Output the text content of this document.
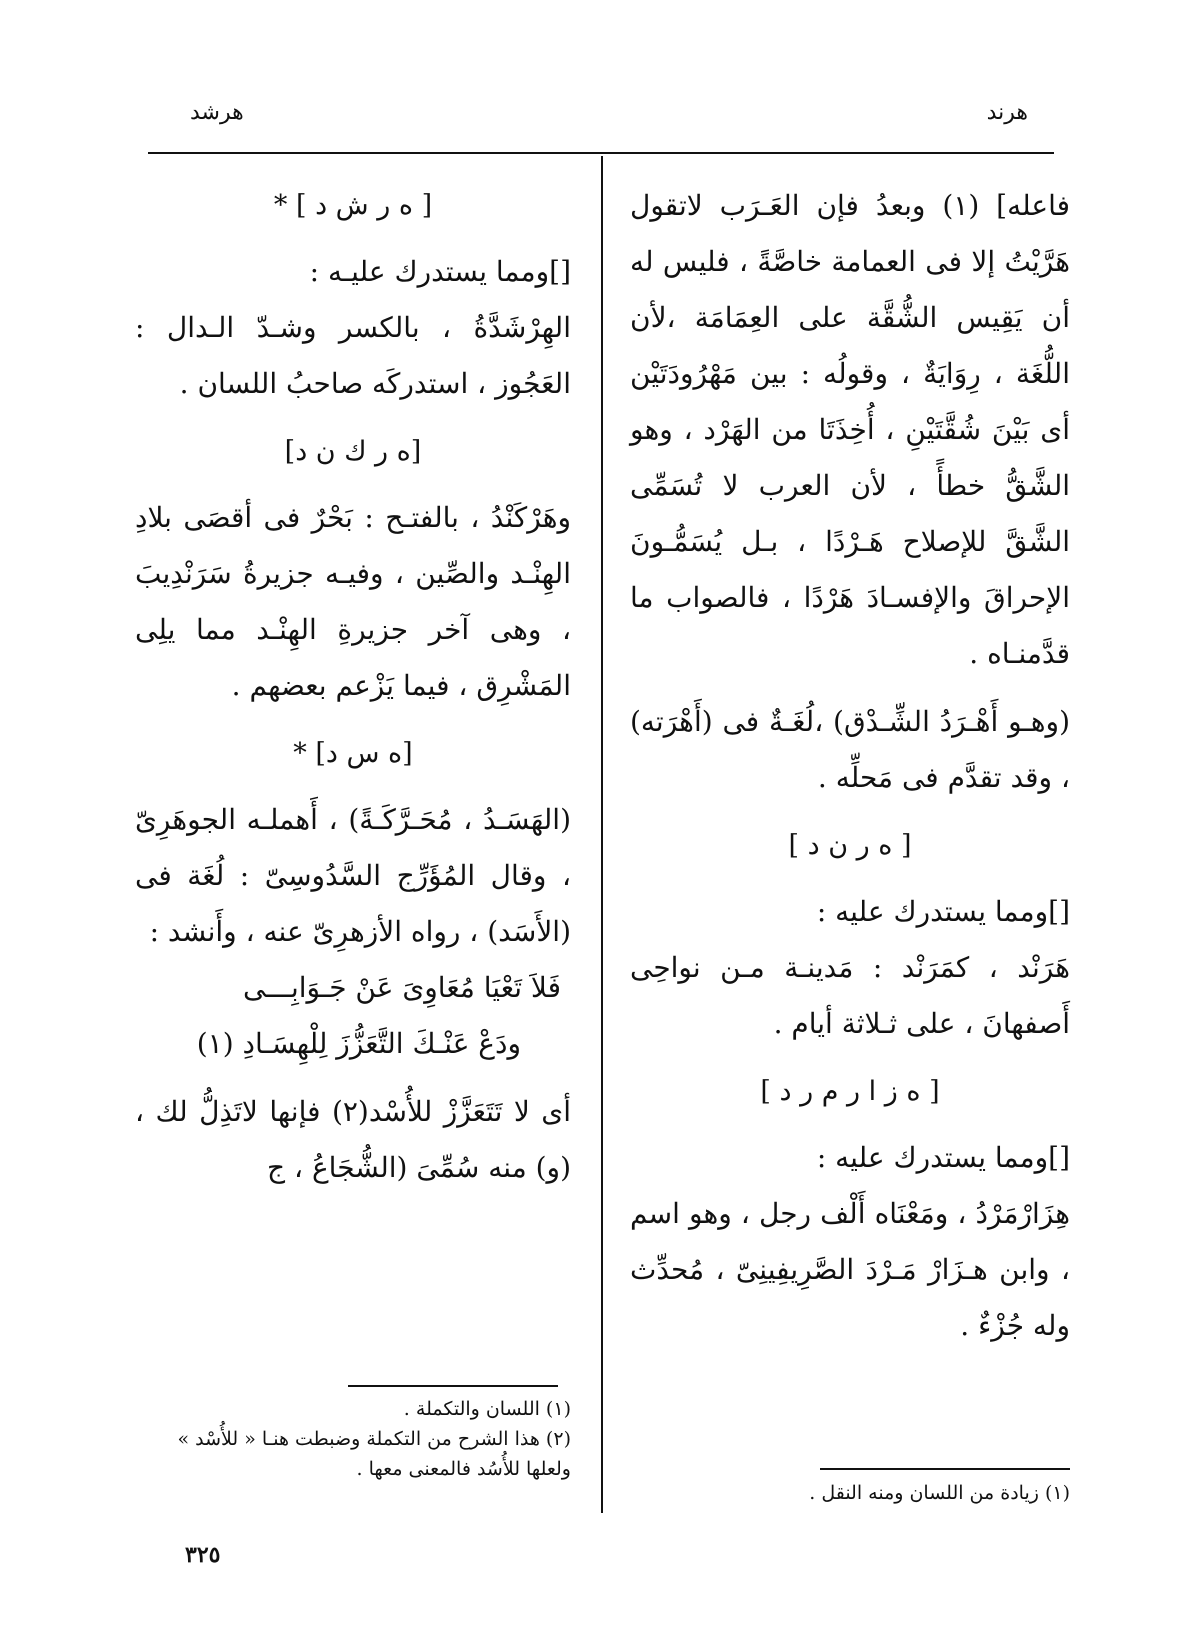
هرند
هرشد

فاعله] (١) وبعدُ فإن العَـرَب لاتقول هَرَّيْتُ إلا فى العمامة خاصَّةً ، فليس له أن يَقِيس الشُّقَّة على العِمَامَة ،لأن اللُّغَة ، رِوَايَةٌ ، وقولُه : بين مَهْرُودَتَيْن أى بَيْنَ شُقَّتَيْنِ ، أُخِذَتَا من الهَرْد ، وهو الشَّقُّ خطأً ، لأن العرب لا تُسَمِّى الشَّقَّ للإصلاح هَـرْدًا ، بـل يُسَمُّـونَ الإحراقَ والإفسـادَ هَرْدًا ، فالصواب ما قدَّمنـاه .

(وهـو أَهْـرَدُ الشِّـدْق) ،لُغَـةٌ فى (أَهْرَته) ، وقد تقدَّم فى مَحلِّه .

[ ه ر ن د ]

[]ومما يستدرك عليه :

هَرَنْد ، كمَرَنْد : مَدينـة مـن نواحِى أَصفهانَ ، على ثـلاثة أيام .

[ ه ز ا ر م ر د ]

[]ومما يستدرك عليه :

هِزَارْمَرْدُ ، ومَعْنَاه أَلْف رجل ، وهو اسم ، وابن هـزَارْ مَـرْدَ الصَّرِيفِينِىّ ، مُحدِّث وله جُزْءٌ .

(١) زيادة من اللسان ومنه النقل .

[ ه ر ش د ] *

[]ومما يستدرك عليـه :

الهِرْشَدَّةُ ، بالكسر وشـدّ الـدال : العَجُوز ، استدركَه صاحبُ اللسان .

[ه ر ك ن د]

وهَرْكَنْدُ ، بالفتـح : بَحْرٌ فى أقصَى بلادِ الهِنْـد والصِّين ، وفيـه جزيرةُ سَرَنْدِيبَ ، وهى آخر جزيرةِ الهِنْـد مما يلِى المَشْرِق ، فيما يَزْعم بعضهم .

[ه س د] *

(الهَسَـدُ ، مُحَـرَّكَـةً) ، أَهملـه الجوهَرِىّ ، وقال المُؤَرِّج السَّدُوسِىّ : لُغَة فى (الأَسَد) ، رواه الأزهرِىّ عنه ، وأَنشد :

فَلاَ تَعْيَا مُعَاوِىَ عَنْ جَـوَابِـــى

ودَعْ عَنْـكَ التَّعَزُّزَ لِلْهِسَـادِ (١)

أى لا تَتَعَزَّزْ للأُسْد(٢) فإنها لاتَذِلُّ لك ، (و) منه سُمِّىَ (الشُّجَاعُ ، ج

(١) اللسان والتكملة .

(٢) هذا الشرح من التكملة وضبطت هنـا « للأُسْد » ولعلها للأُسُد فالمعنى معها .

٣٢٥
